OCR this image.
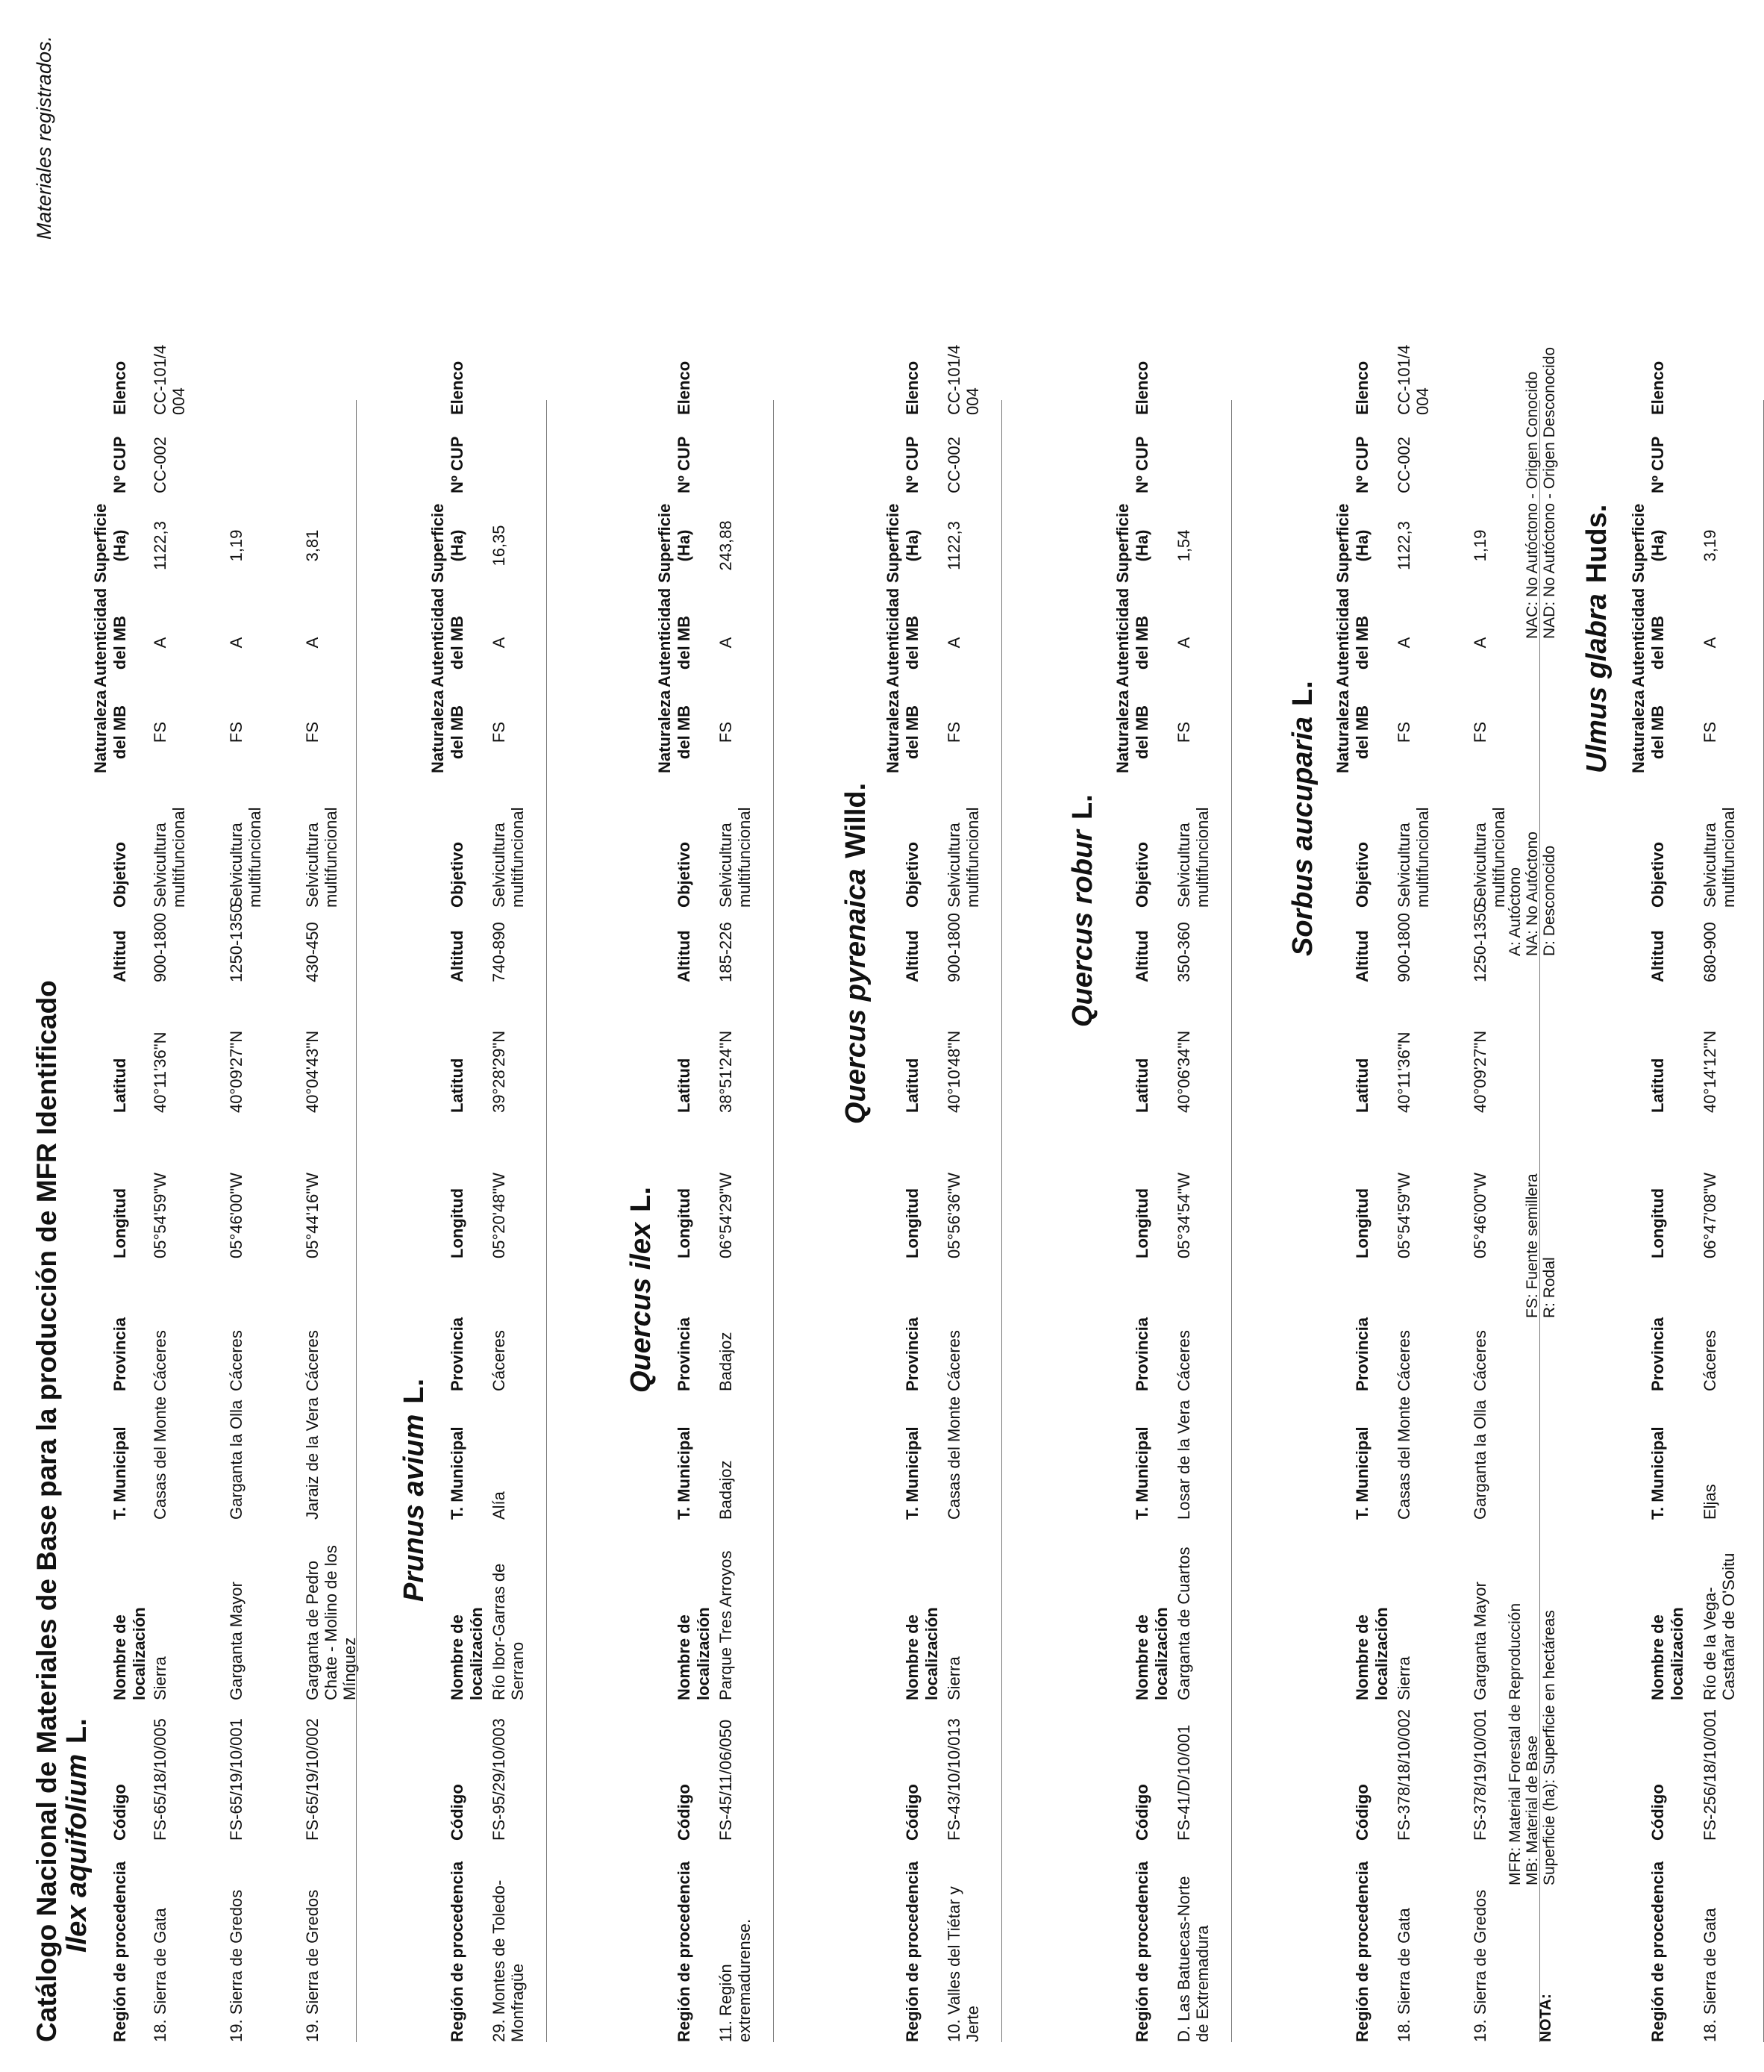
Catálogo Nacional de Materiales de Base para la producción de MFR Identificado
Materiales registrados.
Ilex aquifoliumL.
Región de procedencia
Código
Nombre de localización
T. Municipal
Provincia
Longitud
Latitud
Altitud
Objetivo
Naturaleza del MB
Autenticidad del MB
Superficie (Ha)
Nº CUP
Elenco
18. Sierra de Gata
FS-65/18/10/005
Sierra
Casas del Monte
Cáceres
05°54'59"W
40°11'36"N
900-1800
Selvicultura multifuncional
FS
A
1122,3
CC-002
CC-101/4 004
19. Sierra de Gredos
FS-65/19/10/001
Garganta Mayor
Garganta la Olla
Cáceres
05°46'00"W
40°09'27"N
1250-1350
Selvicultura multifuncional
FS
A
1,19
19. Sierra de Gredos
FS-65/19/10/002
Garganta de Pedro Chate - Molino de los Mínguez
Jaraiz de la Vera
Cáceres
05°44'16"W
40°04'43"N
430-450
Selvicultura multifuncional
FS
A
3,81
Prunus aviumL.
Región de procedencia
Código
Nombre de localización
T. Municipal
Provincia
Longitud
Latitud
Altitud
Objetivo
Naturaleza del MB
Autenticidad del MB
Superficie (Ha)
Nº CUP
Elenco
29. Montes de Toledo-Monfragüe
FS-95/29/10/003
Río Ibor-Garras de Serrano
Alía
Cáceres
05°20'48"W
39°28'29"N
740-890
Selvicultura multifuncional
FS
A
16,35
Quercus ilexL.
Región de procedencia
Código
Nombre de localización
T. Municipal
Provincia
Longitud
Latitud
Altitud
Objetivo
Naturaleza del MB
Autenticidad del MB
Superficie (Ha)
Nº CUP
Elenco
11. Región extremadurense.
FS-45/11/06/050
Parque Tres Arroyos
Badajoz
Badajoz
06°54'29"W
38°51'24"N
185-226
Selvicultura multifuncional
FS
A
243,88
Quercus pyrenaicaWilld.
Región de procedencia
Código
Nombre de localización
T. Municipal
Provincia
Longitud
Latitud
Altitud
Objetivo
Naturaleza del MB
Autenticidad del MB
Superficie (Ha)
Nº CUP
Elenco
10. Valles del Tiétar y Jerte
FS-43/10/10/013
Sierra
Casas del Monte
Cáceres
05°56'36"W
40°10'48"N
900-1800
Selvicultura multifuncional
FS
A
1122,3
CC-002
CC-101/4 004
Quercus roburL.
Región de procedencia
Código
Nombre de localización
T. Municipal
Provincia
Longitud
Latitud
Altitud
Objetivo
Naturaleza del MB
Autenticidad del MB
Superficie (Ha)
Nº CUP
Elenco
D. Las Batuecas-Norte de Extremadura
FS-41/D/10/001
Garganta de Cuartos
Losar de la Vera
Cáceres
05°34'54"W
40°06'34"N
350-360
Selvicultura multifuncional
FS
A
1,54
Sorbus aucupariaL.
Región de procedencia
Código
Nombre de localización
T. Municipal
Provincia
Longitud
Latitud
Altitud
Objetivo
Naturaleza del MB
Autenticidad del MB
Superficie (Ha)
Nº CUP
Elenco
18. Sierra de Gata
FS-378/18/10/002
Sierra
Casas del Monte
Cáceres
05°54'59"W
40°11'36"N
900-1800
Selvicultura multifuncional
FS
A
1122,3
CC-002
CC-101/4 004
19. Sierra de Gredos
FS-378/19/10/001
Garganta Mayor
Garganta la Olla
Cáceres
05°46'00"W
40°09'27"N
1250-1350
Selvicultura multifuncional
FS
A
1,19
Ulmus glabraHuds.
Región de procedencia
Código
Nombre de localización
T. Municipal
Provincia
Longitud
Latitud
Altitud
Objetivo
Naturaleza del MB
Autenticidad del MB
Superficie (Ha)
Nº CUP
Elenco
18. Sierra de Gata
FS-256/18/10/001
Río de la Vega-Castañar de O'Soitu
Eljas
Cáceres
06°47'08"W
40°14'12"N
680-900
Selvicultura multifuncional
FS
A
3,19
NOTA:
MFR: Material Forestal de Reproducción MB: Material de Base Superficie (ha): Superficie en hectáreas
FS: Fuente semillera R: Rodal
A: Autóctono NA: No Autóctono D: Desconocido
NAC: No Autóctono - Origen Conocido NAD: No Autóctono - Origen Desconocido
